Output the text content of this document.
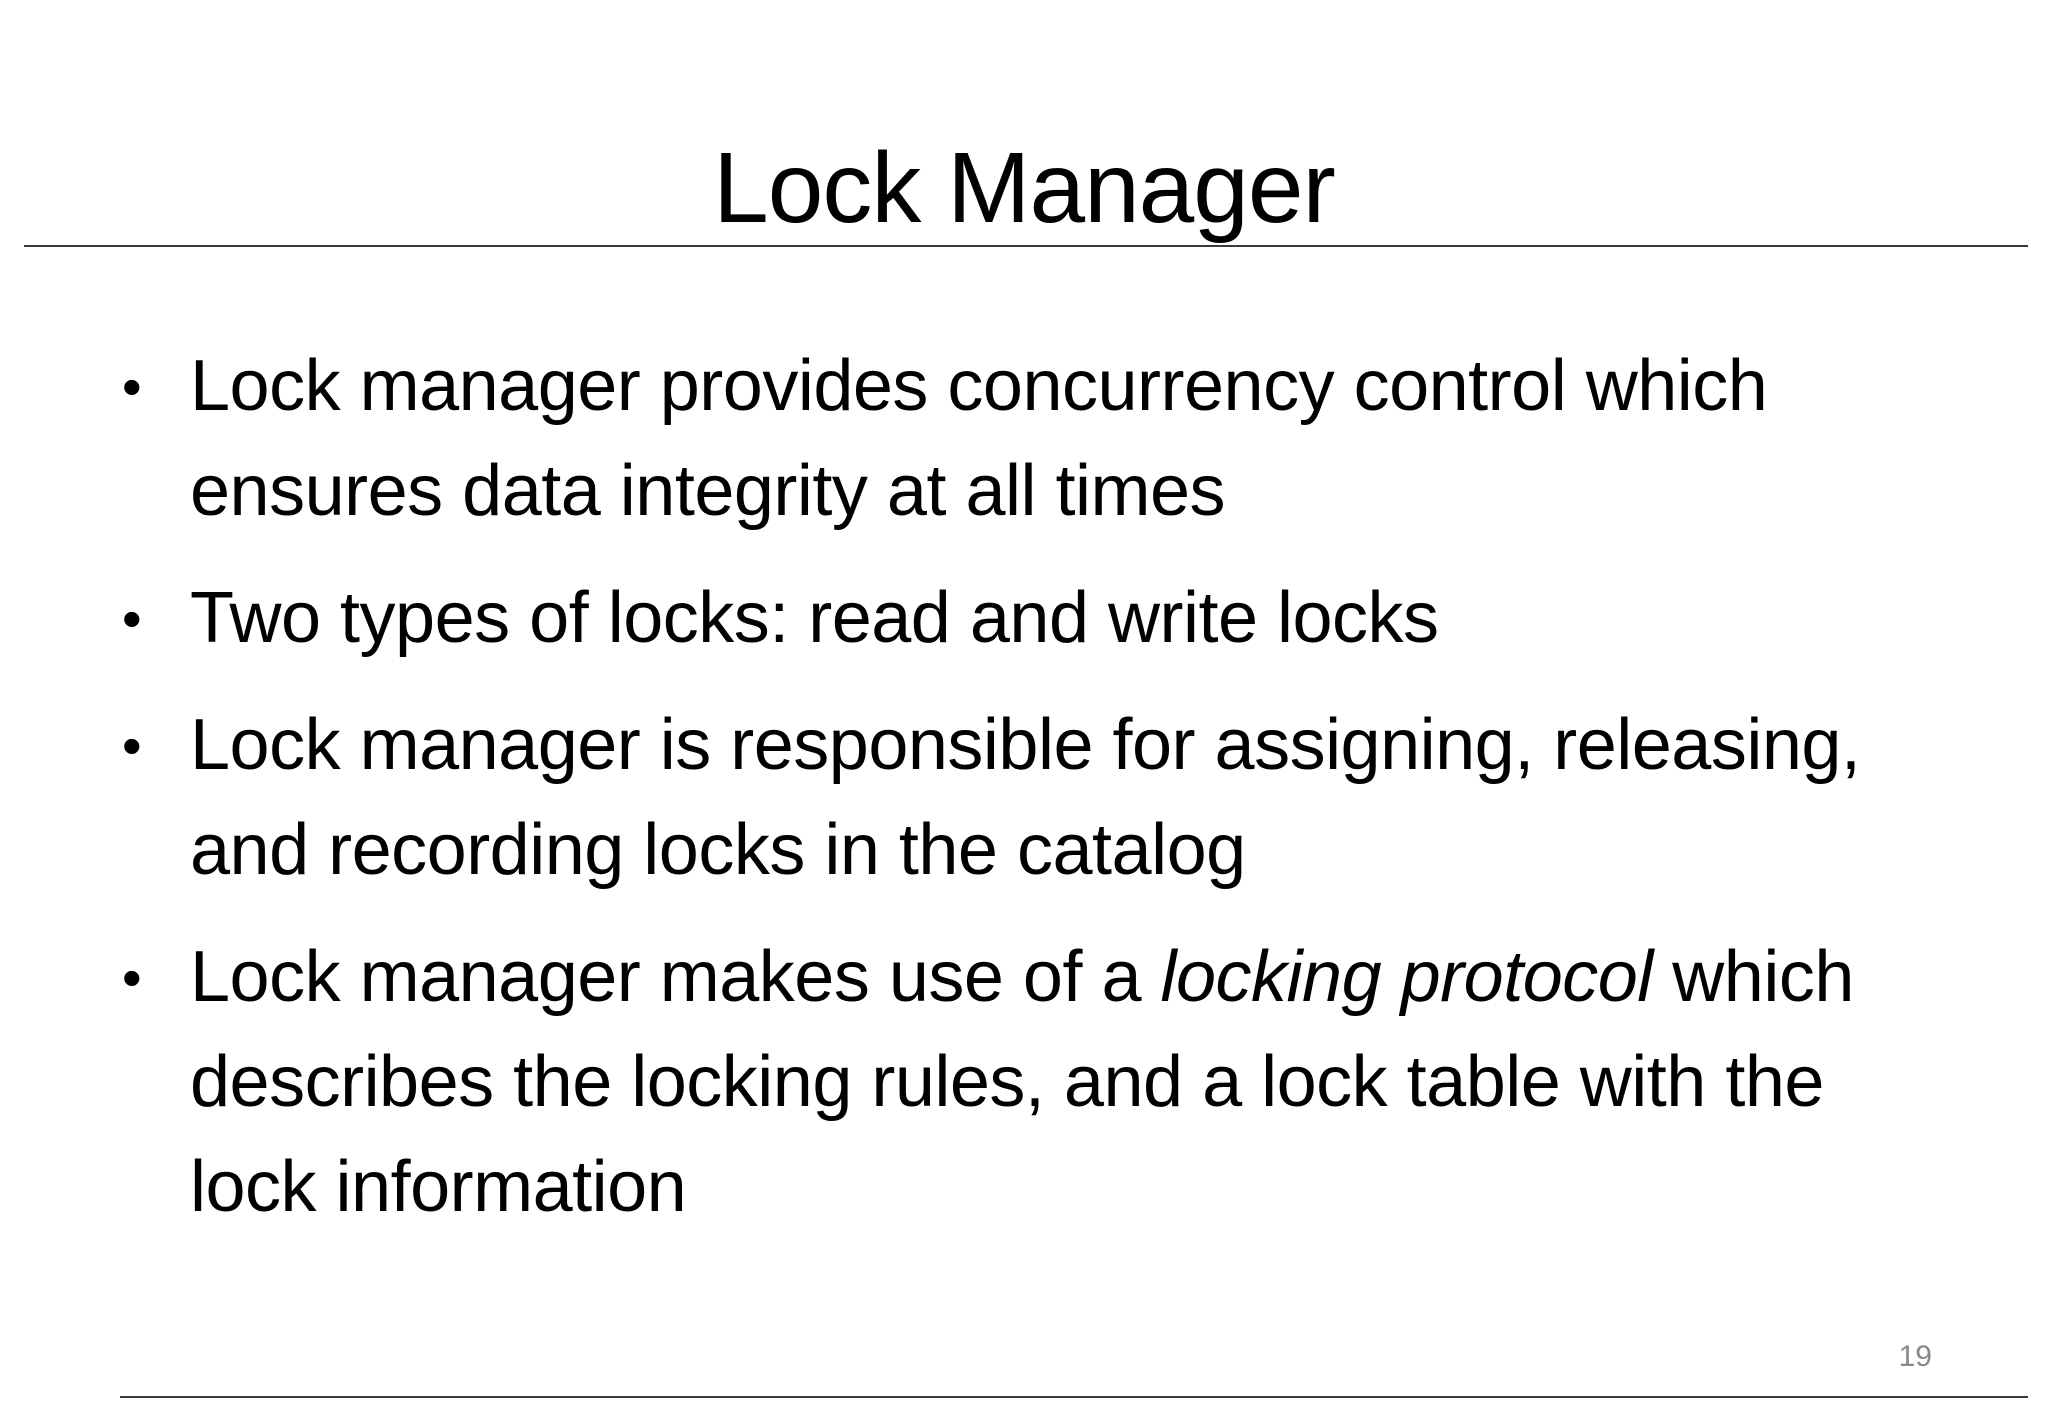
Lock Manager
• Lock manager provides concurrency control which ensures data integrity at all times
• Two types of locks: read and write locks
• Lock manager is responsible for assigning, releasing, and recording locks in the catalog
• Lock manager makes use of a locking protocol which describes the locking rules, and a lock table with the lock information
19
